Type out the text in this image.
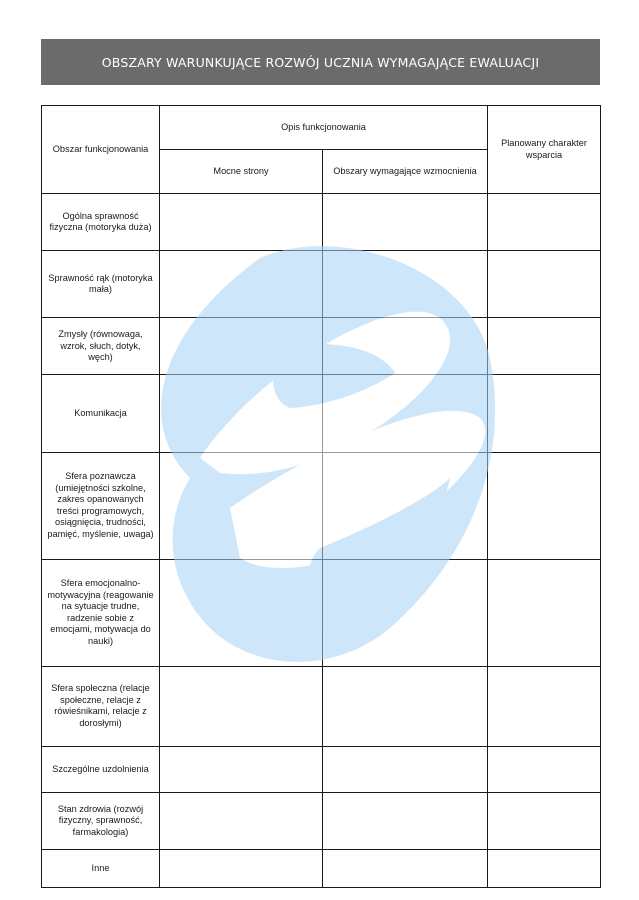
OBSZARY WARUNKUJĄCE ROZWÓJ UCZNIA WYMAGAJĄCE EWALUACJI
Obszar funkcjonowania	Opis funkcjonowania		Planowany charakter wsparcia
	Mocne strony	Obszary wymagające wzmocnienia	
Ogólna sprawność fizyczna (motoryka duża)			
Sprawność rąk (motoryka mała)			
Zmysły (równowaga, wzrok, słuch, dotyk, węch)			
Komunikacja			
Sfera poznawcza (umiejętności szkolne, zakres opanowanych treści programowych, osiągnięcia, trudności, pamięć, myślenie, uwaga)			
Sfera emocjonalno-motywacyjna (reagowanie na sytuacje trudne, radzenie sobie z emocjami, motywacja do nauki)			
Sfera społeczna (relacje społeczne, relacje z rówieśnikami, relacje z dorosłymi)			
Szczególne uzdolnienia			
Stan zdrowia (rozwój fizyczny, sprawność, farmakologia)			
Inne			
